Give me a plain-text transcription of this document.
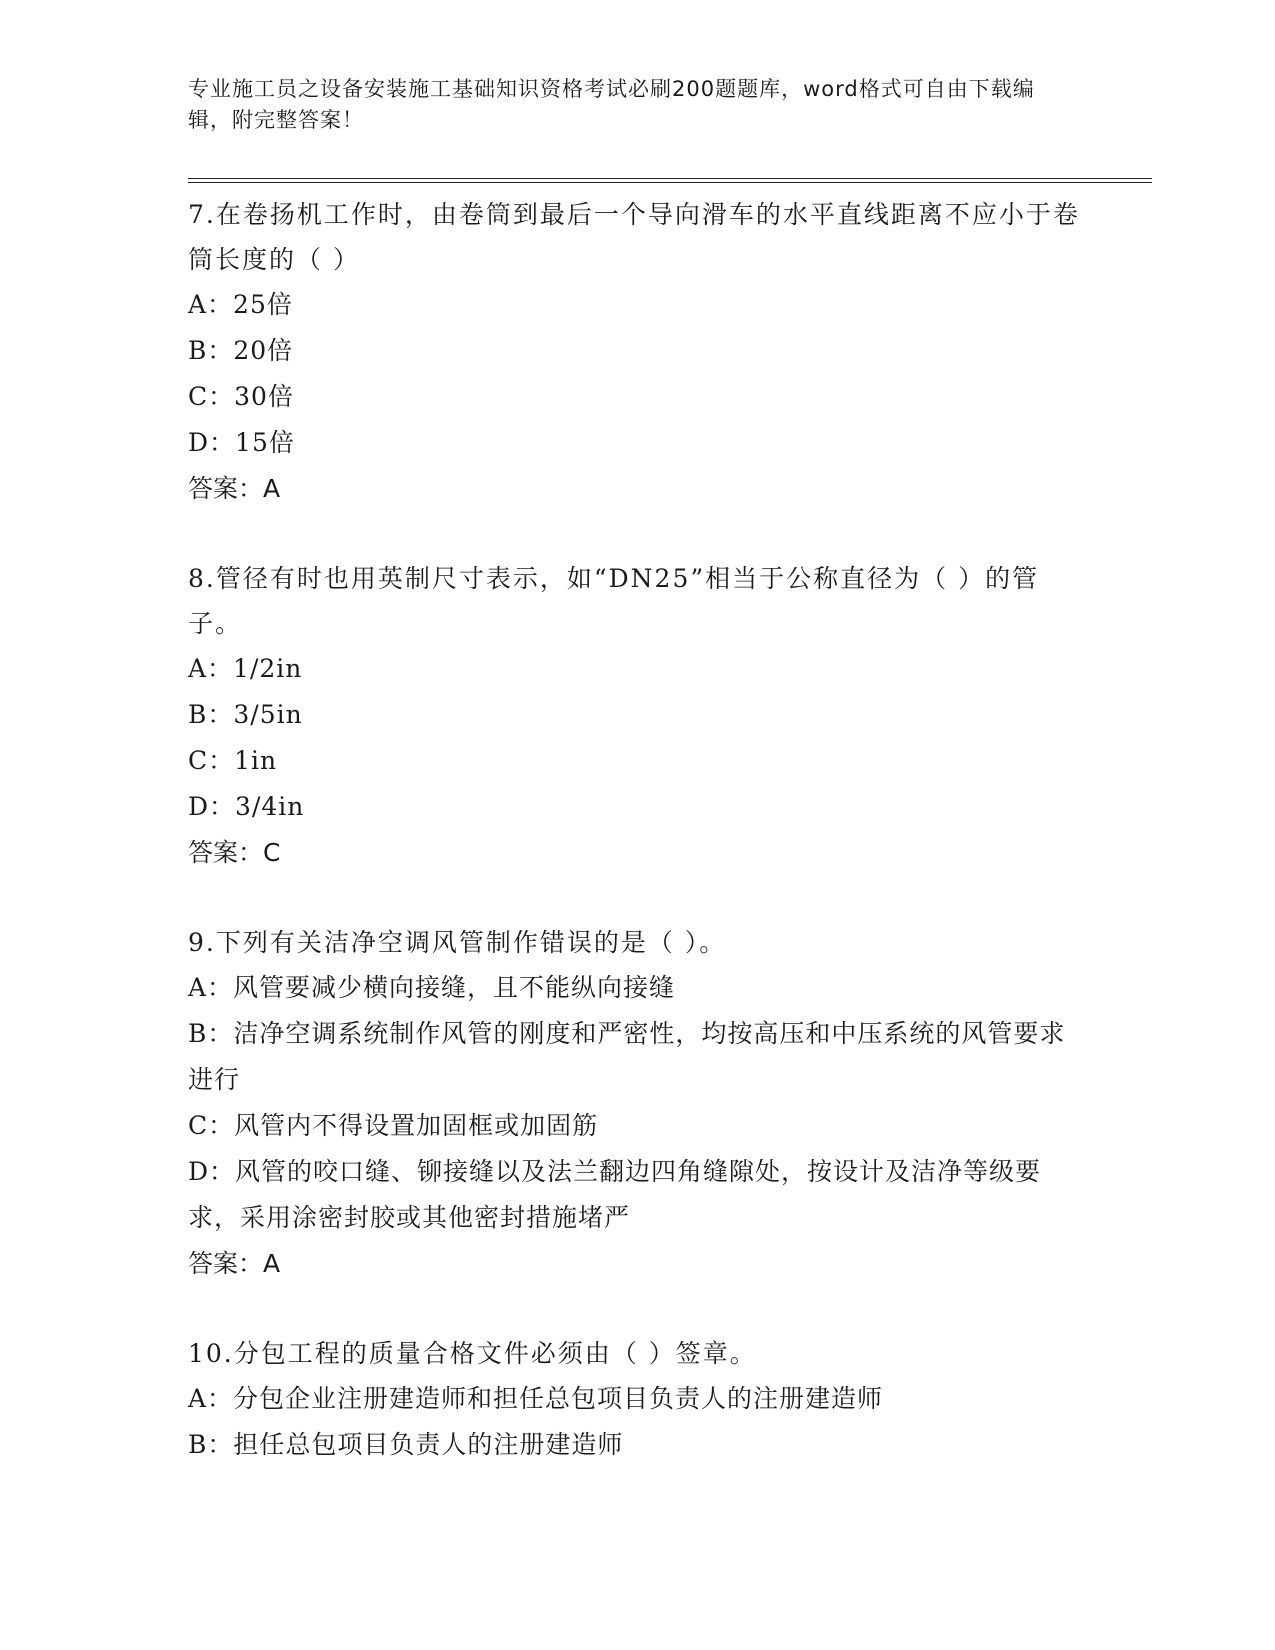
专业施工员之设备安装施工基础知识资格考试必刷200题题库，word格式可自由下载编辑，附完整答案！

7.在卷扬机工作时，由卷筒到最后一个导向滑车的水平直线距离不应小于卷筒长度的（ ）

A：25倍

B：20倍

C：30倍

D：15倍

答案：A

8.管径有时也用英制尺寸表示，如“DN25”相当于公称直径为（ ）的管子。

A：1/2in

B：3/5in

C：1in

D：3/4in

答案：C

9.下列有关洁净空调风管制作错误的是（ ）。

A：风管要减少横向接缝，且不能纵向接缝

B：洁净空调系统制作风管的刚度和严密性，均按高压和中压系统的风管要求进行

C：风管内不得设置加固框或加固筋

D：风管的咬口缝、铆接缝以及法兰翻边四角缝隙处，按设计及洁净等级要求，采用涂密封胶或其他密封措施堵严

答案：A

10.分包工程的质量合格文件必须由（ ）签章。

A：分包企业注册建造师和担任总包项目负责人的注册建造师

B：担任总包项目负责人的注册建造师
